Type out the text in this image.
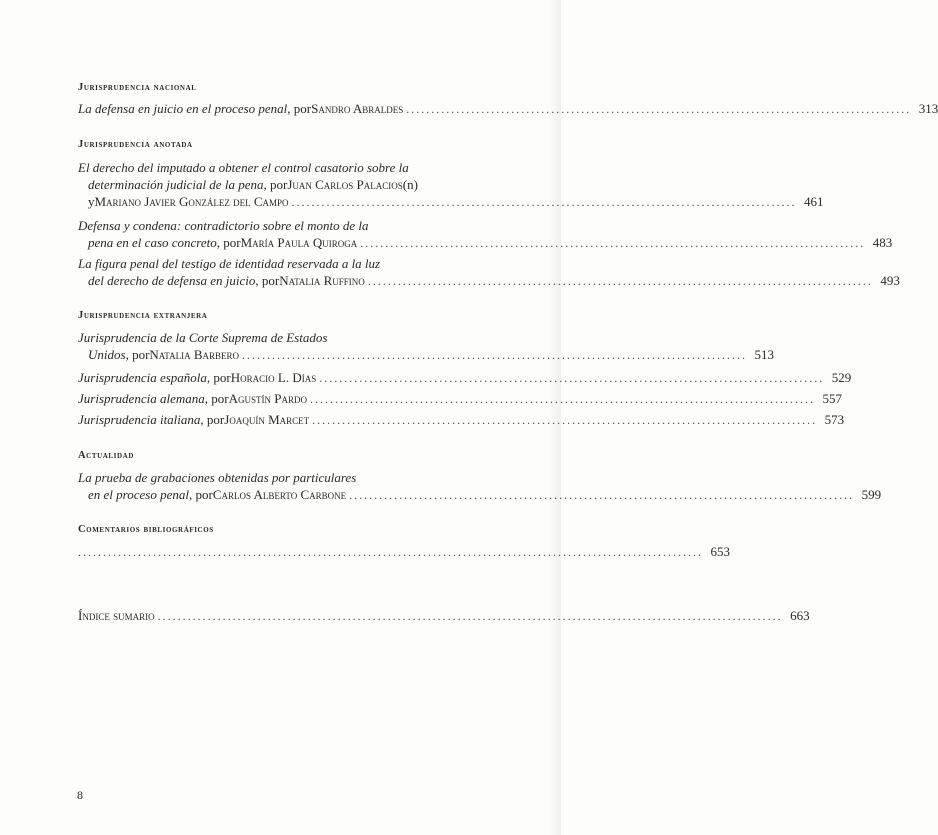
Jurisprudencia nacional
La defensa en juicio en el proceso penal , por Sandro Abraldes ..................................................................................................... 313
Jurisprudencia anotada
El derecho del imputado a obtener el control casatorio sobre la
determinación judicial de la pena , por Juan Carlos Palacios (n)
y Mariano Javier González del Campo ..................................................................................................... 461
Defensa y condena: contradictorio sobre el monto de la
pena en el caso concreto , por María Paula Quiroga ..................................................................................................... 483
La figura penal del testigo de identidad reservada a la luz
del derecho de defensa en juicio , por Natalia Ruffino ..................................................................................................... 493
Jurisprudencia extranjera
Jurisprudencia de la Corte Suprema de Estados
Unidos , por Natalia Barbero ..................................................................................................... 513
Jurisprudencia española , por Horacio L. Días ..................................................................................................... 529
Jurisprudencia alemana , por Agustín Pardo ..................................................................................................... 557
Jurisprudencia italiana , por Joaquín Marcet ..................................................................................................... 573
Actualidad
La prueba de grabaciones obtenidas por particulares
en el proceso penal , por Carlos Alberto Carbone ..................................................................................................... 599
Comentarios bibliográficos
............................................................................................................................. 653
Índice sumario ............................................................................................................................. 663
8
